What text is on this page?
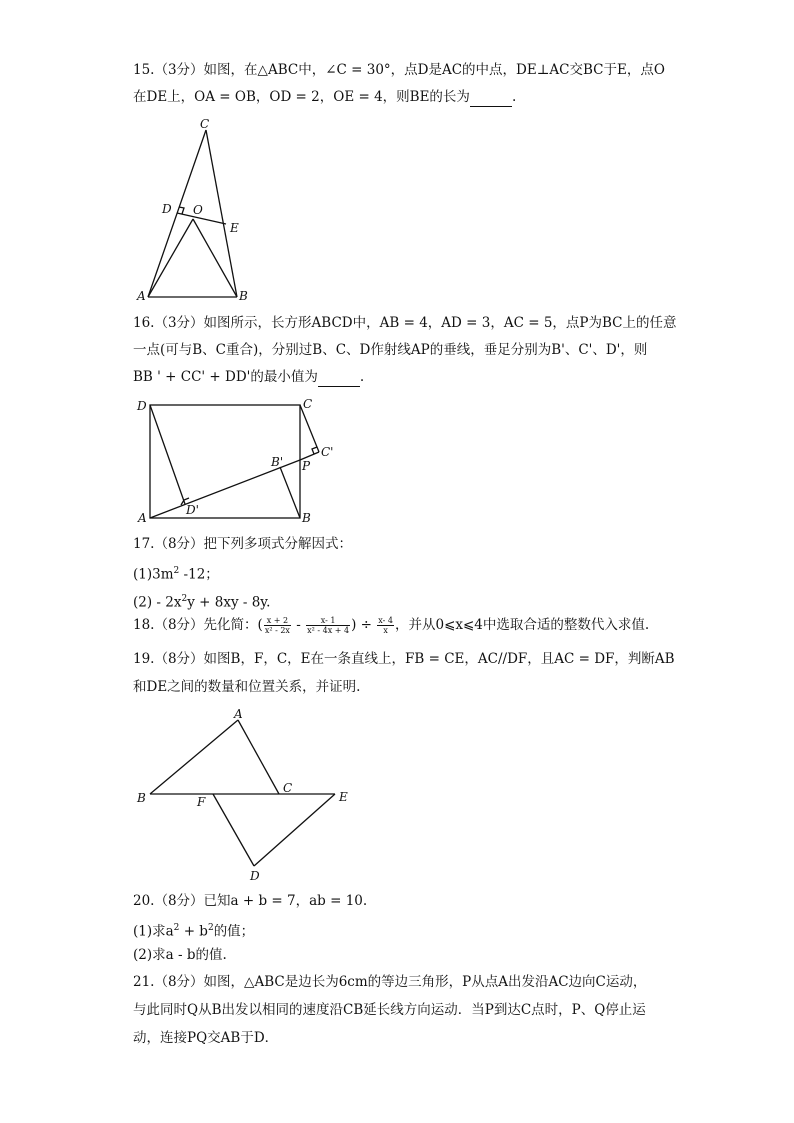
15.（3分）如图，在△ABC中，∠C = 30°，点D是AC的中点，DE⊥AC交BC于E，点O
在DE上，OA = OB，OD = 2，OE = 4，则BE的长为	.
C
D O
E
A	B
D	C
B'
C'
P
A
D'
B
A
B	F
C
E
D
16.（3分）如图所示，长方形ABCD中，AB = 4，AD = 3，AC = 5，点P为BC上的任意
一点(可与B、C重合)，分别过B、C、D作射线AP的垂线，垂足分别为B'、C'、D'，则
BB ' + CC' + DD'的最小值为	.
17.（8分）把下列多项式分解因式：
$(1)3m^2$ -12；
$(2) - 2x^2y + 8xy - 8y$.
18.（8分）先化简：( $\frac{x + 2}{\text{x² - 2x}} - \frac{x- 1}{\text{x² - 4x + 4}}$ ) ÷ $\frac{x- 4}{x}$ ，并从0⩽x⩽4中选取合适的整数代入求值.
19.（8分）如图B，F，C，E在一条直线上，FB = CE，AC//DF，且AC = DF，判断AB
和DE之间的数量和位置关系，并证明.
20.（8分）已知a + b = 7，ab = 10.
(1)求$a^2 + b^2$的值；
(2)求a - b的值.
21.（8分）如图，△ABC是边长为6cm的等边三角形，P从点A出发沿AC边向C运动，
与此同时Q从B出发以相同的速度沿CB延长线方向运动．当P到达C点时，P、Q停止运
动，连接PQ交AB于D．
